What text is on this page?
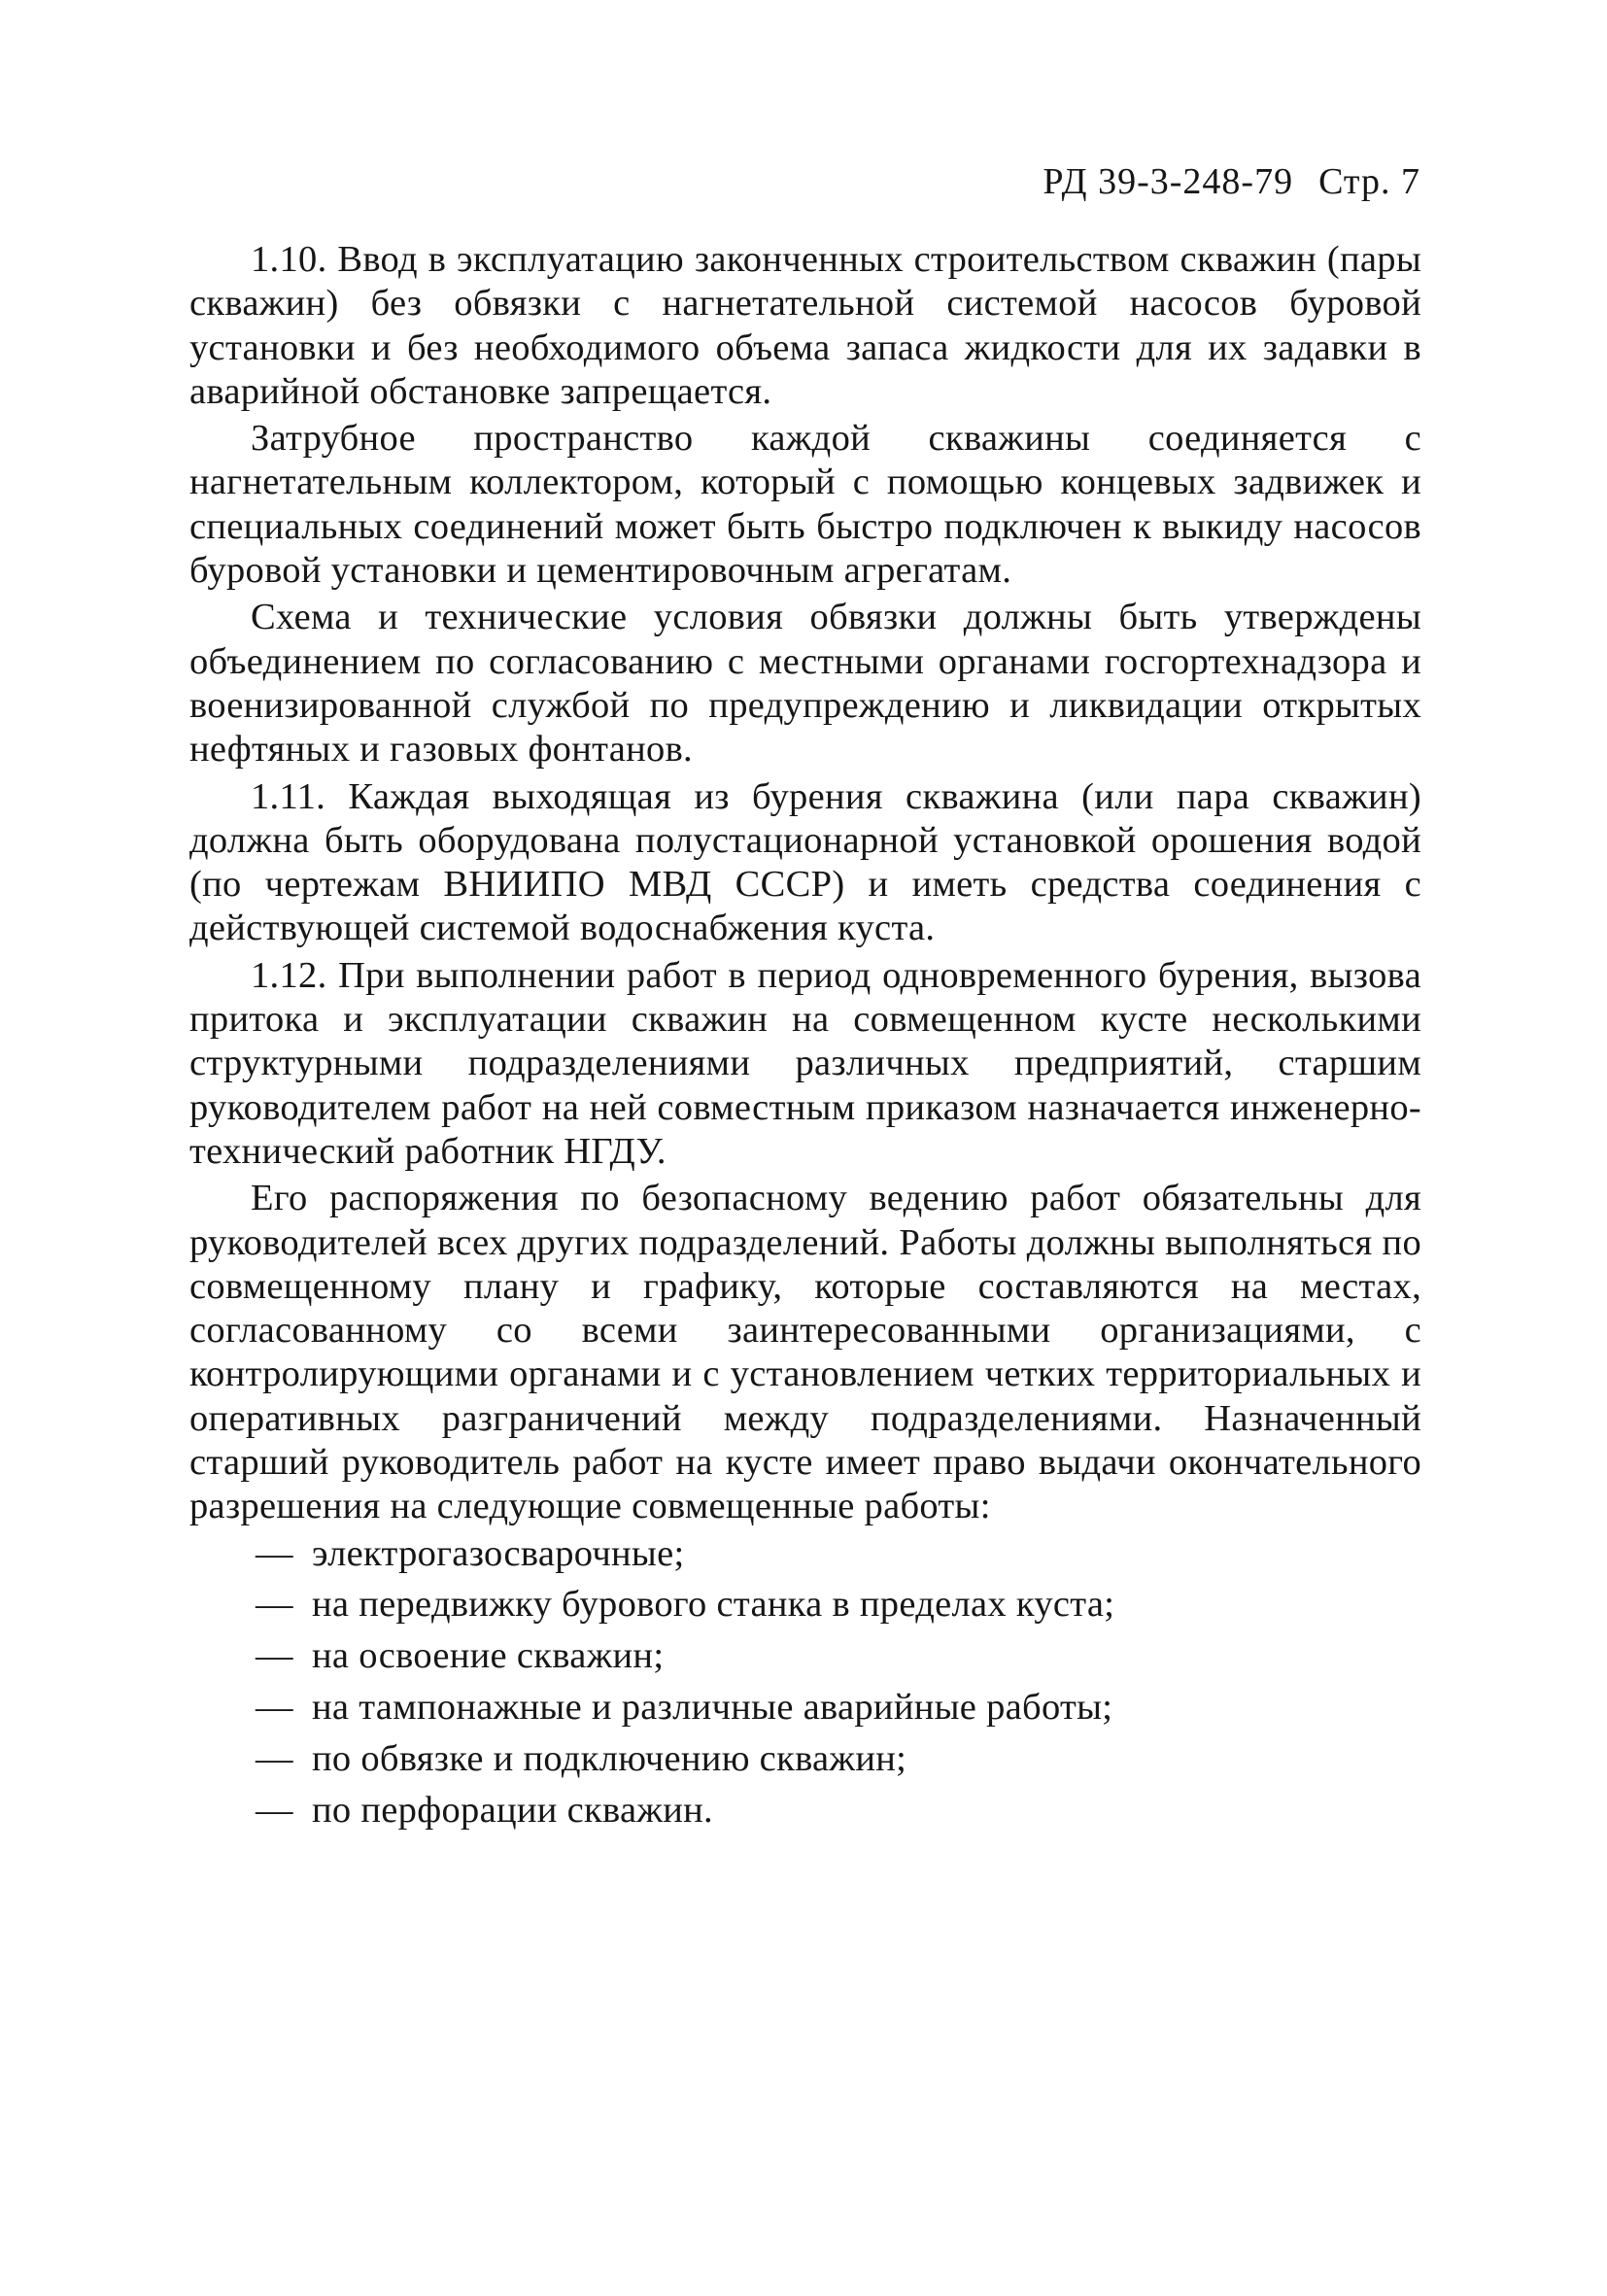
РД 39-3-248-79 Стр. 7

1.10. Ввод в эксплуатацию законченных строительством скважин (пары скважин) без обвязки с нагнетательной системой насосов буровой установки и без необходимого объема запаса жидкости для их задавки в аварийной обстановке запрещается.

Затрубное пространство каждой скважины соединяется с нагнетательным коллектором, который с помощью концевых задвижек и специальных соединений может быть быстро подключен к выкиду насосов буровой установки и цементировочным агрегатам.

Схема и технические условия обвязки должны быть утверждены объединением по согласованию с местными органами госгортехнадзора и военизированной службой по предупреждению и ликвидации открытых нефтяных и газовых фонтанов.

1.11. Каждая выходящая из бурения скважина (или пара скважин) должна быть оборудована полустационарной установкой орошения водой (по чертежам ВНИИПО МВД СССР) и иметь средства соединения с действующей системой водоснабжения куста.

1.12. При выполнении работ в период одновременного бурения, вызова притока и эксплуатации скважин на совмещенном кусте несколькими структурными подразделениями различных предприятий, старшим руководителем работ на ней совместным приказом назначается инженерно-технический работник НГДУ.

Его распоряжения по безопасному ведению работ обязательны для руководителей всех других подразделений. Работы должны выполняться по совмещенному плану и графику, которые составляются на местах, согласованному со всеми заинтересованными организациями, с контролирующими органами и с установлением четких территориальных и оперативных разграничений между подразделениями. Назначенный старший руководитель работ на кусте имеет право выдачи окончательного разрешения на следующие совмещенные работы:

— электрогазосварочные;
— на передвижку бурового станка в пределах куста;
— на освоение скважин;
— на тампонажные и различные аварийные работы;
— по обвязке и подключению скважин;
— по перфорации скважин.
